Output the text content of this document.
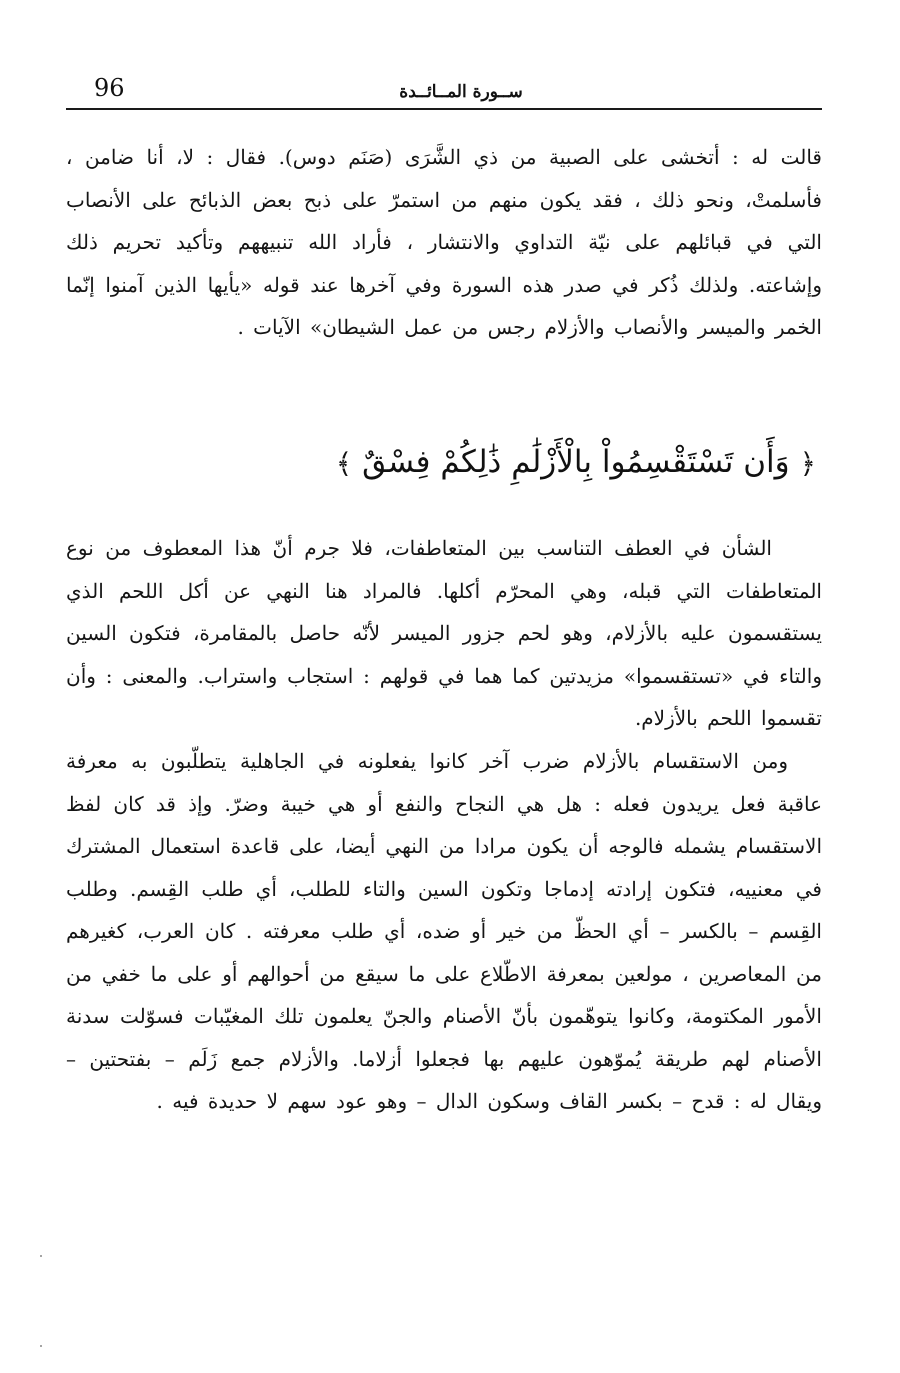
96	ســورة المــائــدة

قالت له : أتخشى على الصبية من ذي الشَّرَى (صَنَم دوس). فقال : لا، أنا ضامن ، فأسلمتْ، ونحو ذلك ، فقد يكون منهم من استمرّ على ذبح بعض الذبائح على الأنصاب التي في قبائلهم على نيّة التداوي والانتشار ، فأراد الله تنبيههم وتأكيد تحريم ذلك وإشاعته. ولذلك ذُكر في صدر هذه السورة وفي آخرها عند قوله «يأيها الذين آمنوا إنّما الخمر والميسر والأنصاب والأزلام رجس من عمل الشيطان» الآيات .

﴿وَأَن تَسْتَقْسِمُواْ بِالْأَزْلَٰمِ ذَٰلِكُمْ فِسْقٌ﴾

الشأن في العطف التناسب بين المتعاطفات، فلا جرم أنّ هذا المعطوف من نوع المتعاطفات التي قبله، وهي المحرّم أكلها. فالمراد هنا النهي عن أكل اللحم الذي يستقسمون عليه بالأزلام، وهو لحم جزور الميسر لأنّه حاصل بالمقامرة، فتكون السين والتاء في «تستقسموا» مزيدتين كما هما في قولهم : استجاب واستراب. والمعنى : وأن تقسموا اللحم بالأزلام.

ومن الاستقسام بالأزلام ضرب آخر كانوا يفعلونه في الجاهلية يتطلّبون به معرفة عاقبة فعل يريدون فعله : هل هي النجاح والنفع أو هي خيبة وضرّ. وإذ قد كان لفظ الاستقسام يشمله فالوجه أن يكون مرادا من النهي أيضا، على قاعدة استعمال المشترك في معنييه، فتكون إرادته إدماجا وتكون السين والتاء للطلب، أي طلب القِسم. وطلب القِسم – بالكسر – أي الحظّ من خير أو ضده، أي طلب معرفته . كان العرب، كغيرهم من المعاصرين ، مولعين بمعرفة الاطّلاع على ما سيقع من أحوالهم أو على ما خفي من الأمور المكتومة، وكانوا يتوهّمون بأنّ الأصنام والجنّ يعلمون تلك المغيّبات فسوّلت سدنة الأصنام لهم طريقة يُموّهون عليهم بها فجعلوا أزلاما. والأزلام جمع زَلَم – بفتحتين – ويقال له : قدح – بكسر القاف وسكون الدال – وهو عود سهم لا حديدة فيه .
